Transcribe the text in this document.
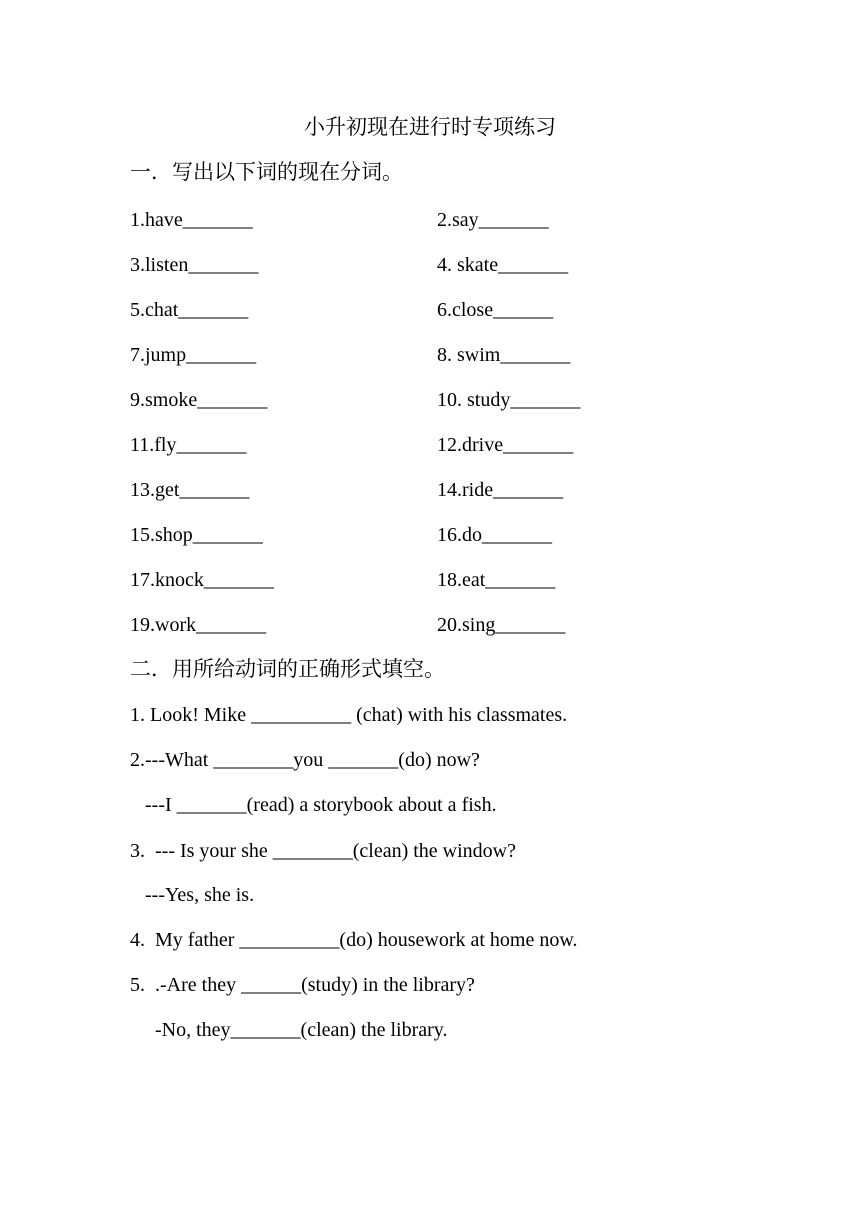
小升初现在进行时专项练习
一．写出以下词的现在分词。
1.have_______	2.say_______
3.listen_______	4. skate_______
5.chat_______	6.close______
7.jump_______	8. swim_______
9.smoke_______	10. study_______
11.fly_______	12.drive_______
13.get_______	14.ride_______
15.shop_______	16.do_______
17.knock_______	18.eat_______
19.work_______	20.sing_______
二．用所给动词的正确形式填空。
1. Look! Mike __________ (chat) with his classmates.
2.---What ________you _______(do) now?
---I _______(read) a storybook about a fish.
3.  --- Is your she ________(clean) the window?
---Yes, she is.
4.  My father __________(do) housework at home now.
5.  .-Are they ______(study) in the library?
-No, they_______(clean) the library.
